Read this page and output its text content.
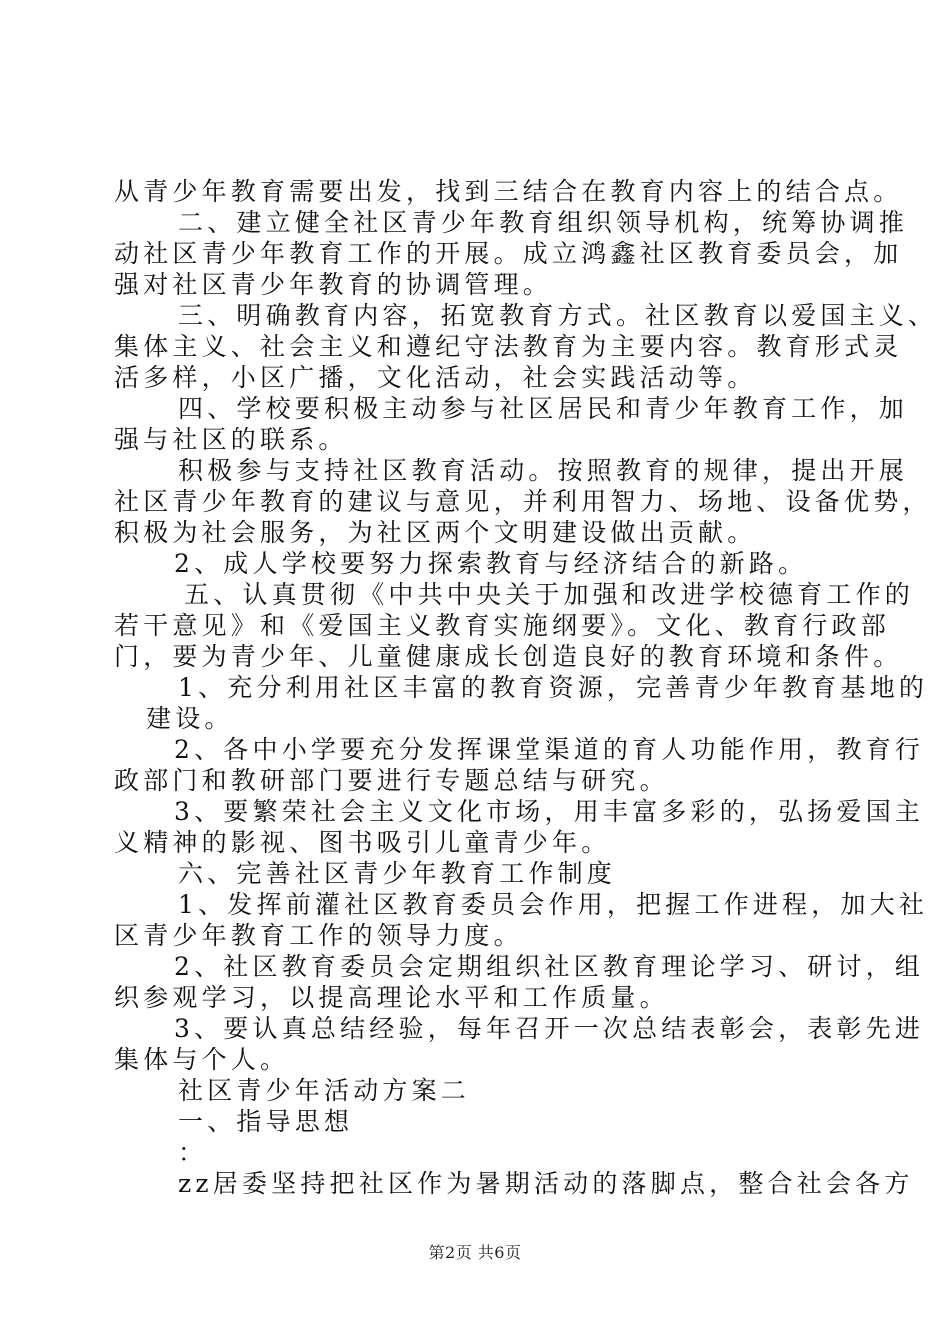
从青少年教育需要出发，找到三结合在教育内容上的结合点。
二、建立健全社区青少年教育组织领导机构，统筹协调推
动社区青少年教育工作的开展。成立鸿鑫社区教育委员会，加
强对社区青少年教育的协调管理。
三、明确教育内容，拓宽教育方式。社区教育以爱国主义、
集体主义、社会主义和遵纪守法教育为主要内容。教育形式灵
活多样，小区广播，文化活动，社会实践活动等。
四、学校要积极主动参与社区居民和青少年教育工作，加
强与社区的联系。
积极参与支持社区教育活动。按照教育的规律，提出开展
社区青少年教育的建议与意见，并利用智力、场地、设备优势，
积极为社会服务，为社区两个文明建设做出贡献。
2、成人学校要努力探索教育与经济结合的新路。
五、认真贯彻《中共中央关于加强和改进学校德育工作的
若干意见》和《爱国主义教育实施纲要》。文化、教育行政部
门，要为青少年、儿童健康成长创造良好的教育环境和条件。
1、充分利用社区丰富的教育资源，完善青少年教育基地的
建设。
2、各中小学要充分发挥课堂渠道的育人功能作用，教育行
政部门和教研部门要进行专题总结与研究。
3、要繁荣社会主义文化市场，用丰富多彩的，弘扬爱国主
义精神的影视、图书吸引儿童青少年。
六、完善社区青少年教育工作制度
1、发挥前灌社区教育委员会作用，把握工作进程，加大社
区青少年教育工作的领导力度。
2、社区教育委员会定期组织社区教育理论学习、研讨，组
织参观学习，以提高理论水平和工作质量。
3、要认真总结经验，每年召开一次总结表彰会，表彰先进
集体与个人。
社区青少年活动方案二
一、指导思想
：
zz居委坚持把社区作为暑期活动的落脚点，整合社会各方
第2页 共6页
